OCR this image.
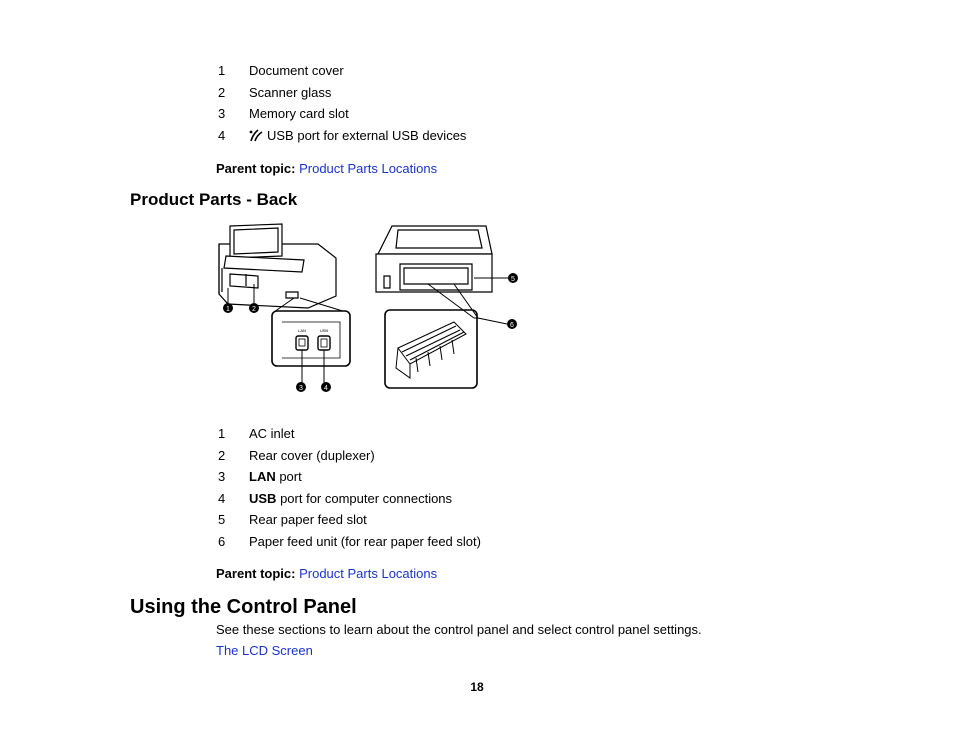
1	Document cover
2	Scanner glass
3	Memory card slot
4	USB port for external USB devices
Parent topic: Product Parts Locations
Product Parts - Back
1	2
LAN	USB
3	4
5
6
1	AC inlet
2	Rear cover (duplexer)
3	LAN port
4	USB port for computer connections
5	Rear paper feed slot
6	Paper feed unit (for rear paper feed slot)
Parent topic: Product Parts Locations
Using the Control Panel
See these sections to learn about the control panel and select control panel settings.
The LCD Screen
18
